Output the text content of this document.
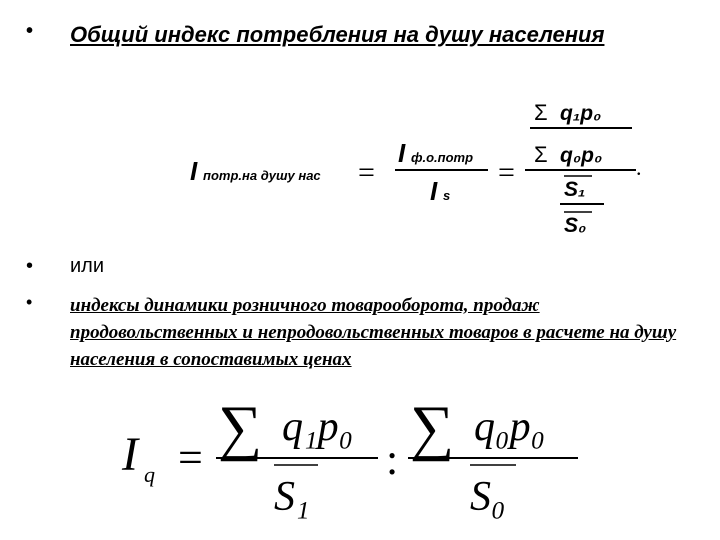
• Общий индекс потребления на душу населения
I потр.на душу нас =
I ф.о.потр
I s
=
Σ q₁p₀
Σ q₀p₀ .
S₁
S₀
• или
• индексы динамики розничного товарооборота, продаж продовольственных и непродовольственных товаров в расчете на душу населения в сопоставимых ценах
I q = ∑ q₁p₀
S₁
: ∑ q₀p₀
S₀
